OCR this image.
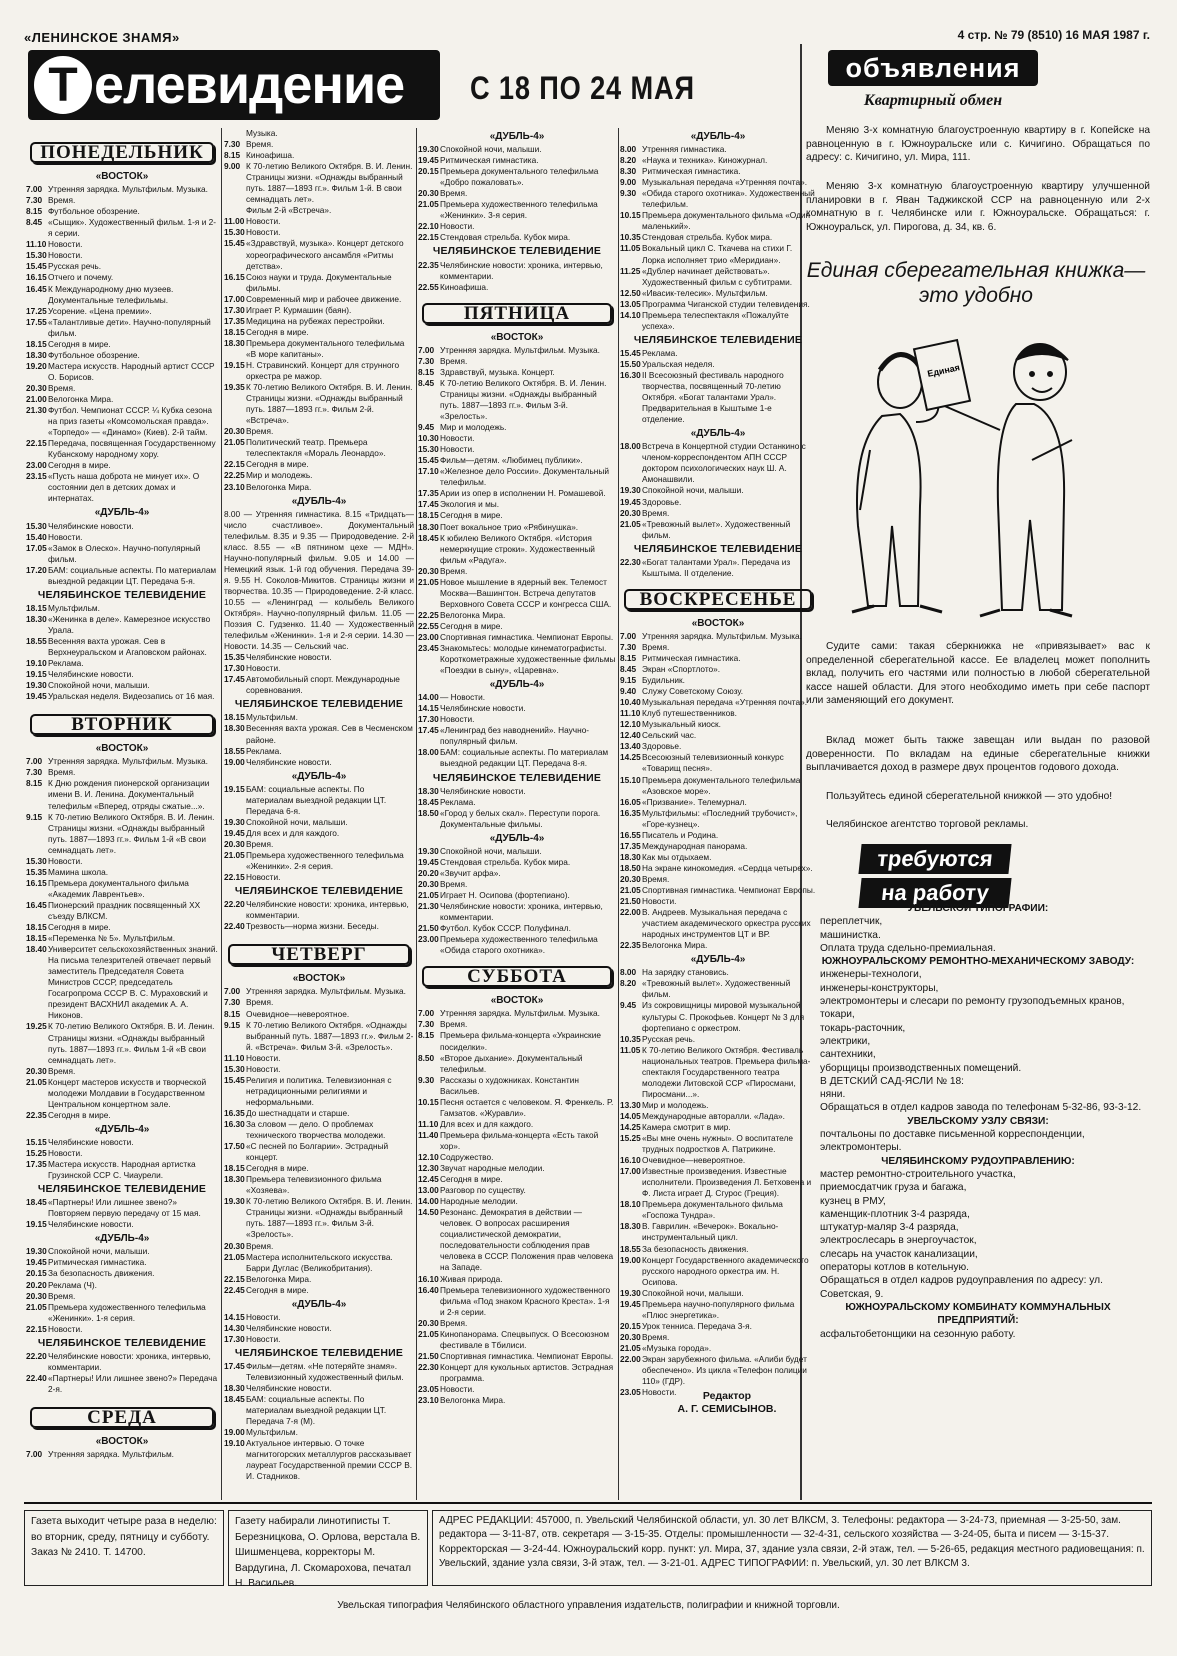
«ЛЕНИНСКОЕ ЗНАМЯ»	4 стр. № 79 (8510) 16 МАЯ 1987 г.
Т елевидение С 18 ПО 24 МАЯ
ПОНЕДЕЛЬНИК
«ВОСТОК»
7.00 Утренняя зарядка. Мультфильм. Музыка.
7.30 Время.
8.15 Футбольное обозрение.
8.45 «Сыщик». Художественный фильм. 1-я и 2-я серии.
11.10 Новости.
15.30 Новости.
15.45 Русская речь.
16.15 Отчего и почему.
16.45 К Международному дню музеев. Документальные телефильмы.
17.25 Усорение. «Цена премии».
17.55 «Талантливые дети». Научно-популярный фильм.
18.15 Сегодня в мире.
18.30 Футбольное обозрение.
19.20 Мастера искусств. Народный артист СССР О. Борисов.
20.30 Время.
21.00 Велогонка Мира.
21.30 Футбол. Чемпионат СССР. ¼ Кубка сезона на приз газеты «Комсомольская правда». «Торпедо» — «Динамо» (Киев). 2-й тайм.
22.15 Передача, посвященная Государственному Кубанскому народному хору.
23.00 Сегодня в мире.
23.15 «Пусть наша доброта не минует их». О состоянии дел в детских домах и интернатах.
«ДУБЛЬ-4»
15.30 Челябинские новости.
15.40 Новости.
17.05 «Замок в Олеско». Научно-популярный фильм.
17.20 БАМ: социальные аспекты. По материалам выездной редакции ЦТ. Передача 5-я.
ЧЕЛЯБИНСКОЕ ТЕЛЕВИДЕНИЕ
18.15 Мультфильм.
18.30 «Женинка в деле». Камерезное искусство Урала.
18.55 Весенняя вахта урожая. Сев в Верхнеуральском и Агаповском районах.
19.10 Реклама.
19.15 Челябинские новости.
19.30 Спокойной ночи, малыши.
19.45 Уральская неделя. Видеозапись от 16 мая.
ВТОРНИК
«ВОСТОК»
7.00 Утренняя зарядка. Мультфильм. Музыка.
7.30 Время.
8.15 К Дню рождения пионерской организации имени В. И. Ленина. Документальный телефильм «Вперед, отряды сжатые...».
9.15 К 70-летию Великого Октября. В. И. Ленин. Страницы жизни. «Однажды выбранный путь. 1887—1893 гг.». Фильм 1-й «В свои семнадцать лет».
15.30 Новости.
15.35 Мамина школа.
16.15 Премьера документального фильма «Академик Лаврентьев».
16.45 Пионерский праздник посвященный XX съезду ВЛКСМ.
18.15 Сегодня в мире.
18.15 «Переменка № 5». Мультфильм.
18.40 Университет сельскохозяйственных знаний. На письма телезрителей отвечает первый заместитель Председателя Совета Министров СССР, председатель Госагропрома СССР В. С. Мураховский и президент ВАСХНИЛ академик А. А. Никонов.
19.25 К 70-летию Великого Октября. В. И. Ленин. Страницы жизни. «Однажды выбранный путь. 1887—1893 гг.». Фильм 1-й «В свои семнадцать лет».
20.30 Время.
21.05 Концерт мастеров искусств и творческой молодежи Молдавии в Государственном Центральном концертном зале.
22.35 Сегодня в мире.
«ДУБЛЬ-4»
15.15 Челябинские новости.
15.25 Новости.
17.35 Мастера искусств. Народная артистка Грузинской ССР С. Чиаурели.
ЧЕЛЯБИНСКОЕ ТЕЛЕВИДЕНИЕ
18.45 «Партнеры! Или лишнее звено?» Повторяем первую передачу от 15 мая.
19.15 Челябинские новости.
«ДУБЛЬ-4»
19.30 Спокойной ночи, малыши.
19.45 Ритмическая гимнастика.
20.15 За безопасность движения.
20.20 Реклама (Ч).
20.30 Время.
21.05 Премьера художественного телефильма «Женинки». 1-я серия.
22.15 Новости.
ЧЕЛЯБИНСКОЕ ТЕЛЕВИДЕНИЕ
22.20 Челябинские новости: хроника, интервью, комментарии.
22.40 «Партнеры! Или лишнее звено?» Передача 2-я.
СРЕДА
«ВОСТОК»
7.00 Утренняя зарядка. Мультфильм.
Музыка.
7.30 Время.
8.15 Киноафиша.
9.00 К 70-летию Великого Октября. В. И. Ленин. Страницы жизни. «Однажды выбранный путь. 1887—1893 гг.». Фильм 1-й. В свои семнадцать лет».
Фильм 2-й «Встреча».
11.00 Новости.
15.30 Новости.
15.45 «Здравствуй, музыка». Концерт детского хореографического ансамбля «Ритмы детства».
16.15 Союз науки и труда. Документальные фильмы.
17.00 Современный мир и рабочее движение.
17.30 Играет Р. Курмашин (баян).
17.35 Медицина на рубежах перестройки.
18.15 Сегодня в мире.
18.30 Премьера документального телефильма «В море капитаны».
19.15 Н. Стравинский. Концерт для струнного оркестра ре мажор.
19.35 К 70-летию Великого Октября. В. И. Ленин. Страницы жизни. «Однажды выбранный путь. 1887—1893 гг.». Фильм 2-й. «Встреча».
20.30 Время.
21.05 Политический театр. Премьера телеспектакля «Мораль Леонардо».
22.15 Сегодня в мире.
22.25 Мир и молодежь.
23.10 Велогонка Мира.
«ДУБЛЬ-4»
8.00 — Утренняя гимнастика. 8.15 «Тридцать—число счастливое». Документальный телефильм. 8.35 и 9.35 — Природоведение. 2-й класс. 8.55 — «В пятнином цехе — МДН». Научно-популярный фильм. 9.05 и 14.00 — Немецкий язык. 1-й год обучения. Передача 39-я. 9.55 Н. Соколов-Микитов. Страницы жизни и творчества. 10.35 — Природоведение. 2-й класс. 10.55 — «Ленинград — колыбель Великого Октября». Научно-популярный фильм. 11.05 — Поэзия С. Гудзенко. 11.40 — Художественный телефильм «Женинки». 1-я и 2-я серии. 14.30 — Новости. 14.35 — Сельский час.
15.35 Челябинские новости.
17.30 Новости.
17.45 Автомобильный спорт. Международные соревнования.
ЧЕЛЯБИНСКОЕ ТЕЛЕВИДЕНИЕ
18.15 Мультфильм.
18.30 Весенняя вахта урожая. Сев в Чесменском районе.
18.55 Реклама.
19.00 Челябинские новости.
«ДУБЛЬ-4»
19.15 БАМ: социальные аспекты. По материалам выездной редакции ЦТ. Передача 6-я.
19.30 Спокойной ночи, малыши.
19.45 Для всех и для каждого.
20.30 Время.
21.05 Премьера художественного телефильма «Женинки». 2-я серия.
22.15 Новости.
ЧЕЛЯБИНСКОЕ ТЕЛЕВИДЕНИЕ
22.20 Челябинские новости: хроника, интервью, комментарии.
22.40 Трезвость—норма жизни. Беседы.
ЧЕТВЕРГ
«ВОСТОК»
7.00 Утренняя зарядка. Мультфильм. Музыка.
7.30 Время.
8.15 Очевидное—невероятное.
9.15 К 70-летию Великого Октября. «Однажды выбранный путь. 1887—1893 гг.». Фильм 2-й. «Встреча». Фильм 3-й. «Зрелость».
11.10 Новости.
15.30 Новости.
15.45 Религия и политика. Телевизионная с нетрадиционными религиями и неформальными.
16.35 До шестнадцати и старше.
16.30 За словом — дело. О проблемах технического творчества молодежи.
17.50 «С песней по Болгарии». Эстрадный концерт.
18.15 Сегодня в мире.
18.30 Премьера телевизионного фильма «Хозяева».
19.30 К 70-летию Великого Октября. В. И. Ленин. Страницы жизни. «Однажды выбранный путь. 1887—1893 гг.». Фильм 3-й. «Зрелость».
20.30 Время.
21.05 Мастера исполнительского искусства. Барри Дуглас (Великобритания).
22.15 Велогонка Мира.
22.45 Сегодня в мире.
«ДУБЛЬ-4»
14.15 Новости.
14.30 Челябинские новости.
17.30 Новости.
ЧЕЛЯБИНСКОЕ ТЕЛЕВИДЕНИЕ
17.45 Фильм—детям. «Не потеряйте знамя». Телевизионный художественный фильм.
18.30 Челябинские новости.
18.45 БАМ: социальные аспекты. По материалам выездной редакции ЦТ. Передача 7-я (М).
19.00 Мультфильм.
19.10 Актуальное интервью. О точке магнитогорских металлургов рассказывает лауреат Государственной премии СССР В. И. Стадников.
«ДУБЛЬ-4»
19.30 Спокойной ночи, малыши.
19.45 Ритмическая гимнастика.
20.15 Премьера документального телефильма «Добро пожаловать».
20.30 Время.
21.05 Премьера художественного телефильма «Женинки». 3-я серия.
22.10 Новости.
22.15 Стендовая стрельба. Кубок мира.
ЧЕЛЯБИНСКОЕ ТЕЛЕВИДЕНИЕ
22.35 Челябинские новости: хроника, интервью, комментарии.
22.55 Киноафиша.
ПЯТНИЦА
«ВОСТОК»
7.00 Утренняя зарядка. Мультфильм. Музыка.
7.30 Время.
8.15 Здравствуй, музыка. Концерт.
8.45 К 70-летию Великого Октября. В. И. Ленин. Страницы жизни. «Однажды выбранный путь. 1887—1893 гг.». Фильм 3-й. «Зрелость».
9.45 Мир и молодежь.
10.30 Новости.
15.30 Новости.
15.45 Фильм—детям. «Любимец публики».
17.10 «Железное дело России». Документальный телефильм.
17.35 Арии из опер в исполнении Н. Ромашевой.
17.45 Экология и мы.
18.15 Сегодня в мире.
18.30 Поет вокальное трио «Рябинушка».
18.45 К юбилею Великого Октября. «История немеркнущие строки». Художественный фильм «Радуга».
20.30 Время.
21.05 Новое мышление в ядерный век. Телемост Москва—Вашингтон. Встреча депутатов Верховного Совета СССР и конгресса США.
22.25 Велогонка Мира.
22.55 Сегодня в мире.
23.00 Спортивная гимнастика. Чемпионат Европы.
23.45 Знакомьтесь: молодые кинематографисты. Короткометражные художественные фильмы «Поездки в сыну», «Царевна».
«ДУБЛЬ-4»
14.00 — Новости.
14.15 Челябинские новости.
17.30 Новости.
17.45 «Ленинград без наводнений». Научно-популярный фильм.
18.00 БАМ: социальные аспекты. По материалам выездной редакции ЦТ. Передача 8-я.
ЧЕЛЯБИНСКОЕ ТЕЛЕВИДЕНИЕ
18.30 Челябинские новости.
18.45 Реклама.
18.50 «Город у белых скал». Переступи порога. Документальные фильмы.
«ДУБЛЬ-4»
19.30 Спокойной ночи, малыши.
19.45 Стендовая стрельба. Кубок мира.
20.20 «Звучит арфа».
20.30 Время.
21.05 Играет Н. Осипова (фортепиано).
21.30 Челябинские новости: хроника, интервью, комментарии.
21.50 Футбол. Кубок СССР. Полуфинал.
23.00 Премьера художественного телефильма «Обида старого охотника».
СУББОТА
«ВОСТОК»
7.00 Утренняя зарядка. Мультфильм. Музыка.
7.30 Время.
8.15 Премьера фильма-концерта «Украинские посиделки».
8.50 «Второе дыхание». Документальный телефильм.
9.30 Рассказы о художниках. Константин Васильев.
10.15 Песня остается с человеком. Я. Френкель. Р. Гамзатов. «Журавли».
11.10 Для всех и для каждого.
11.40 Премьера фильма-концерта «Есть такой хор».
12.10 Содружество.
12.30 Звучат народные мелодии.
12.45 Сегодня в мире.
13.00 Разговор по существу.
14.00 Народные мелодии.
14.50 Резонанс. Демократия в действии — человек. О вопросах расширения социалистической демократии, последовательности соблюдения прав человека в СССР. Положения прав человека на Западе.
16.10 Живая природа.
16.40 Премьера телевизионного художественного фильма «Под знаком Красного Креста». 1-я и 2-я серии.
20.30 Время.
21.05 Кинопанорама. Спецвыпуск. О Всесоюзном фестивале в Тбилиси.
21.50 Спортивная гимнастика. Чемпионат Европы.
22.30 Концерт для кукольных артистов. Эстрадная программа.
23.05 Новости.
23.10 Велогонка Мира.
«ДУБЛЬ-4»
8.00 Утренняя гимнастика.
8.20 «Наука и техника». Киножурнал.
8.30 Ритмическая гимнастика.
9.00 Музыкальная передача «Утренняя почта».
9.30 «Обида старого охотника». Художественный телефильм.
10.15 Премьера документального фильма «Один маленький».
10.35 Стендовая стрельба. Кубок мира.
11.05 Вокальный цикл С. Ткачева на стихи Г. Лорка исполняет трио «Меридиан».
11.25 «Дублер начинает действовать». Художественный фильм с субтитрами.
12.50 «Ивасик-телесик». Мультфильм.
13.05 Программа Чиганской студии телевидения.
14.10 Премьера телеспектакля «Пожалуйте успеха».
ЧЕЛЯБИНСКОЕ ТЕЛЕВИДЕНИЕ
15.45 Реклама.
15.50 Уральская неделя.
16.30 II Всесоюзный фестиваль народного творчества, посвященный 70-летию Октября. «Богат талантами Урал». Предварительная в Кыштыме 1-е отделение.
«ДУБЛЬ-4»
18.00 Встреча в Концертной студии Останкино с членом-корреспондентом АПН СССР доктором психологических наук Ш. А. Амонашвили.
19.30 Спокойной ночи, малыши.
19.45 Здоровье.
20.30 Время.
21.05 «Тревожный вылет». Художественный фильм.
ЧЕЛЯБИНСКОЕ ТЕЛЕВИДЕНИЕ
22.30 «Богат талантами Урал». Передача из Кыштыма. II отделение.
ВОСКРЕСЕНЬЕ
«ВОСТОК»
7.00 Утренняя зарядка. Мультфильм. Музыка.
7.30 Время.
8.15 Ритмическая гимнастика.
8.45 Экран «Спортлото».
9.15 Будильник.
9.40 Служу Советскому Союзу.
10.40 Музыкальная передача «Утренняя почта».
11.10 Клуб путешественников.
12.10 Музыкальный киоск.
12.40 Сельский час.
13.40 Здоровье.
14.25 Всесоюзный телевизионный конкурс «Товарищ песня».
15.10 Премьера документального телефильма «Азовское море».
16.05 «Призвание». Телемурнал.
16.35 Мультфильмы: «Последний трубочист», «Горе-кузнец».
16.55 Писатель и Родина.
17.35 Международная панорама.
18.30 Как мы отдыхаем.
18.50 На экране кинокомедия. «Сердца четырех».
20.30 Время.
21.05 Спортивная гимнастика. Чемпионат Европы.
21.50 Новости.
22.00 В. Андреев. Музыкальная передача с участием академического оркестра русских народных инструментов ЦТ и ВР.
22.35 Велогонка Мира.
«ДУБЛЬ-4»
8.00 На зарядку становись.
8.20 «Тревожный вылет». Художественный фильм.
9.45 Из сокровищницы мировой музыкальной культуры С. Прокофьев. Концерт № 3 для фортепиано с оркестром.
10.35 Русская речь.
11.05 К 70-летию Великого Октября. Фестиваль национальных театров. Премьера фильма-спектакля Государственного театра молодежи Литовской ССР «Пиросмани, Пиросмани...».
13.30 Мир и молодежь.
14.05 Международные авторалли. «Лада».
14.25 Камера смотрит в мир.
15.25 «Вы мне очень нужны». О воспитателе трудных подростков А. Патрикине.
16.10 Очевидное—невероятное.
17.00 Известные произведения. Известные исполнители. Произведения Л. Бетховена и Ф. Листа играет Д. Сгурос (Греция).
18.10 Премьера документального фильма «Госпожа Тундра».
18.30 В. Гаврилин. «Вечерок». Вокально-инструментальный цикл.
18.55 За безопасность движения.
19.00 Концерт Государственного академического русского народного оркестра им. Н. Осипова.
19.30 Спокойной ночи, малыши.
19.45 Премьера научно-популярного фильма «Плюс энергетика».
20.15 Урок тенниса. Передача 3-я.
20.30 Время.
21.05 «Музыка города».
22.00 Экран зарубежного фильма. «Алиби будет обеспечено». Из цикла «Телефон полиции 110» (ГДР).
23.05 Новости.	Редактор
А. Г. СЕМИСЫНОВ.
объявления
Квартирный обмен
Меняю 3-х комнатную благоустроенную квартиру в г. Копейске на равноценную в г. Южноуральске или с. Кичигино. Обращаться по адресу: с. Кичигино, ул. Мира, 111.
Меняю 3-х комнатную благоустроенную квартиру улучшенной планировки в г. Яван Таджикской ССР на равноценную или 2-х комнатную в г. Челябинске или г. Южноуральске. Обращаться: г. Южноуральск, ул. Пирогова, д. 34, кв. 6.
Единая сберегательная книжка—это удобно
Единая
Судите сами: такая сберкнижка не «привязывает» вас к определенной сберегательной кассе. Ее владелец может пополнить вклад, получить его частями или полностью в любой сберегательной кассе нашей области. Для этого необходимо иметь при себе паспорт или заменяющий его документ.
Вклад может быть также завещан или выдан по разовой доверенности. По вкладам на единые сберегательные книжки выплачивается доход в размере двух процентов годового дохода.
Пользуйтесь единой сберегательной книжкой — это удобно!
Челябинское агентство торговой рекламы.
требуются
на работу
УВЕЛЬСКОЙ ТИПОГРАФИИ:
переплетчик,
машинистка.
Оплата труда сдельно-премиальная.
ЮЖНОУРАЛЬСКОМУ РЕМОНТНО-МЕХАНИЧЕСКОМУ ЗАВОДУ:
инженеры-технологи,
инженеры-конструкторы,
электромонтеры и слесари по ремонту грузоподъемных кранов,
токари,
токарь-расточник,
электрики,
сантехники,
уборщицы производственных помещений.
В ДЕТСКИЙ САД-ЯСЛИ № 18:
няни.
Обращаться в отдел кадров завода по телефонам 5-32-86, 93-3-12.
УВЕЛЬСКОМУ УЗЛУ СВЯЗИ:
почтальоны по доставке письменной корреспонденции,
электромонтеры.
ЧЕЛЯБИНСКОМУ РУДОУПРАВЛЕНИЮ:
мастер ремонтно-строительного участка,
приемосдатчик груза и багажа,
кузнец в РМУ,
каменщик-плотник 3-4 разряда,
штукатур-маляр 3-4 разряда,
электрослесарь в энергоучасток,
слесарь на участок канализации,
операторы котлов в котельную.
Обращаться в отдел кадров рудоуправления по адресу: ул. Советская, 9.
ЮЖНОУРАЛЬСКОМУ КОМБИНАТУ КОММУНАЛЬНЫХ ПРЕДПРИЯТИЙ:
асфальтобетонщики на сезонную работу.
Газета выходит четыре раза в неделю: во вторник, среду, пятницу и субботу. Заказ № 2410. Т. 14700.
Газету набирали линотиписты Т. Березницкова, О. Орлова, верстала В. Шишменцева, корректоры М. Вардугина, Л. Скомарохова, печатал Н. Васильев.
АДРЕС РЕДАКЦИИ: 457000, п. Увельский Челябинской области, ул. 30 лет ВЛКСМ, 3. Телефоны: редактора — 3-24-73, приемная — 3-25-50, зам. редактора — 3-11-87, отв. секретаря — 3-15-35. Отделы: промышленности — 32-4-31, сельского хозяйства — 3-24-05, быта и писем — 3-15-37. Корректорская — 3-24-44. Южноуральский корр. пункт: ул. Мира, 37, здание узла связи, 2-й этаж, тел. — 5-26-65, редакция местного радиовещания: п. Увельский, здание узла связи, 3-й этаж, тел. — 3-21-01. АДРЕС ТИПОГРАФИИ: п. Увельский, ул. 30 лет ВЛКСМ 3.
Увельская типография Челябинского областного управления издательств, полиграфии и книжной торговли.
